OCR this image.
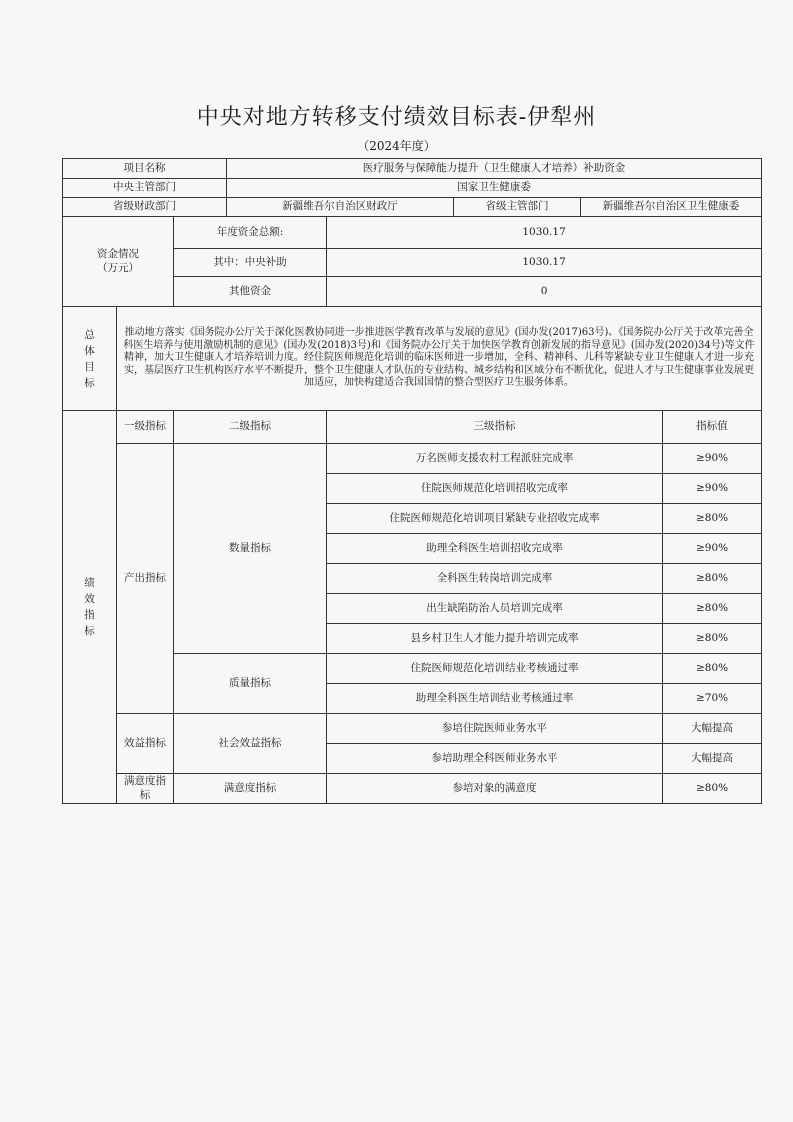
中央对地方转移支付绩效目标表-伊犁州
（2024年度）
项目名称			医疗服务与保障能力提升（卫生健康人才培养）补助资金				
中央主管部门			国家卫生健康委				
省级财政部门			新疆维吾尔自治区财政厅		省级主管部门	新疆维吾尔自治区卫生健康委	

资金情况
（万元）		年度资金总额:		1030.17			
		其中：中央补助		1030.17			
		其他资金		0			
总体目标	推动地方落实《国务院办公厅关于深化医教协同进一步推进医学教育改革与发展的意见》(国办发(2017)63号)、《国务院办公厅关于改革完善全科医生培养与使用激励机制的意见》(国办发(2018)3号)和《国务院办公厅关于加快医学教育创新发展的指导意见》(国办发(2020)34号)等文件精神，加大卫生健康人才培养培训力度。经住院医师规范化培训的临床医师进一步增加，全科、精神科、儿科等紧缺专业卫生健康人才进一步充实，基层医疗卫生机构医疗水平不断提升，整个卫生健康人才队伍的专业结构、城乡结构和区域分布不断优化，促进人才与卫生健康事业发展更加适应，加快构建适合我国国情的整合型医疗卫生服务体系。						
绩效指标	一级指标	二级指标		三级指标			指标值
	产出指标	数量指标		万名医师支援农村工程派驻完成率			≥90%
				住院医师规范化培训招收完成率			≥90%
				住院医师规范化培训项目紧缺专业招收完成率			≥80%
				助理全科医生培训招收完成率			≥90%
				全科医生转岗培训完成率			≥80%
				出生缺陷防治人员培训完成率			≥80%
				县乡村卫生人才能力提升培训完成率			≥80%
		质量指标		住院医师规范化培训结业考核通过率			≥80%
				助理全科医生培训结业考核通过率			≥70%
	效益指标	社会效益指标		参培住院医师业务水平			大幅提高
				参培助理全科医师业务水平			大幅提高
	满意度指标	满意度指标		参培对象的满意度			≥80%
